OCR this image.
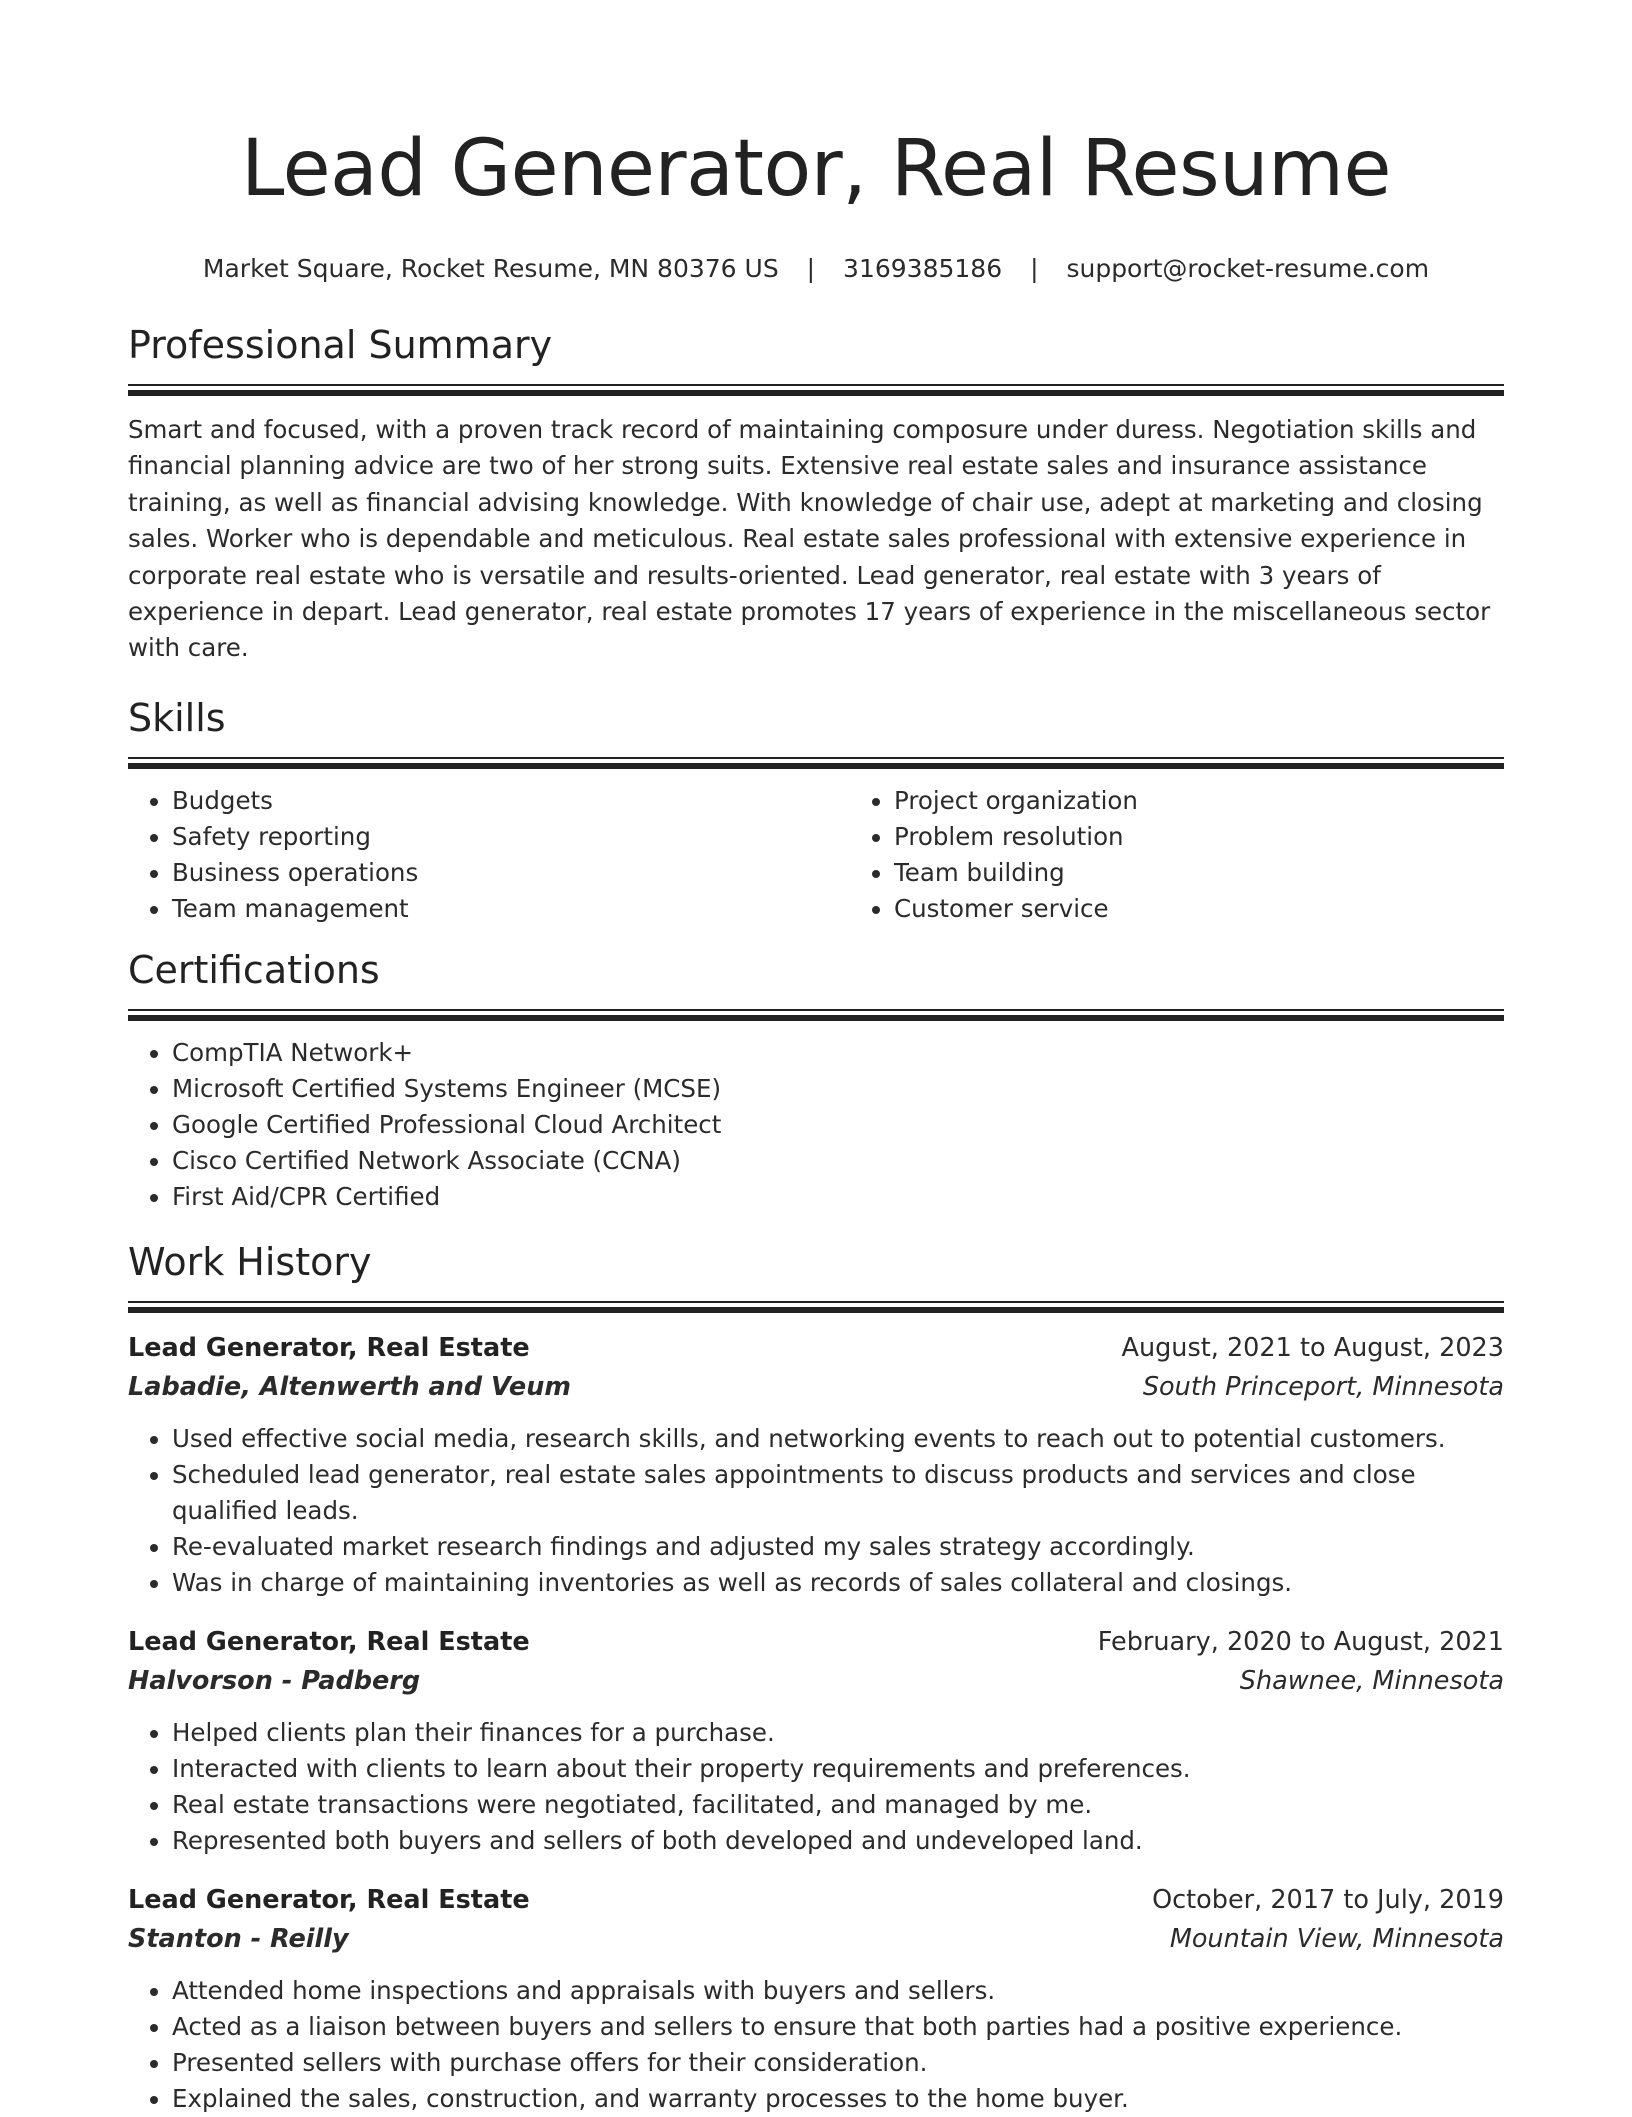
Lead Generator, Real Resume
Market Square, Rocket Resume, MN 80376 US | 3169385186 | support@rocket-resume.com
Professional Summary

Smart and focused, with a proven track record of maintaining composure under duress. Negotiation skills and financial planning advice are two of her strong suits. Extensive real estate sales and insurance assistance training, as well as financial advising knowledge. With knowledge of chair use, adept at marketing and closing sales. Worker who is dependable and meticulous. Real estate sales professional with extensive experience in corporate real estate who is versatile and results-oriented. Lead generator, real estate with 3 years of experience in depart. Lead generator, real estate promotes 17 years of experience in the miscellaneous sector with care.

Skills
• Budgets
• Safety reporting
• Business operations
• Team management
• Project organization
• Problem resolution
• Team building
• Customer service
Certifications
• CompTIA Network+
• Microsoft Certified Systems Engineer (MCSE)
• Google Certified Professional Cloud Architect
• Cisco Certified Network Associate (CCNA)
• First Aid/CPR Certified
Work History
Lead Generator, Real Estate	August, 2021 to August, 2023
Labadie, Altenwerth and Veum	South Princeport, Minnesota
• Used effective social media, research skills, and networking events to reach out to potential customers.
• Scheduled lead generator, real estate sales appointments to discuss products and services and close qualified leads.
• Re-evaluated market research findings and adjusted my sales strategy accordingly.
• Was in charge of maintaining inventories as well as records of sales collateral and closings.
Lead Generator, Real Estate	February, 2020 to August, 2021
Halvorson - Padberg	Shawnee, Minnesota
• Helped clients plan their finances for a purchase.
• Interacted with clients to learn about their property requirements and preferences.
• Real estate transactions were negotiated, facilitated, and managed by me.
• Represented both buyers and sellers of both developed and undeveloped land.
Lead Generator, Real Estate	October, 2017 to July, 2019
Stanton - Reilly	Mountain View, Minnesota
• Attended home inspections and appraisals with buyers and sellers.
• Acted as a liaison between buyers and sellers to ensure that both parties had a positive experience.
• Presented sellers with purchase offers for their consideration.
• Explained the sales, construction, and warranty processes to the home buyer.
